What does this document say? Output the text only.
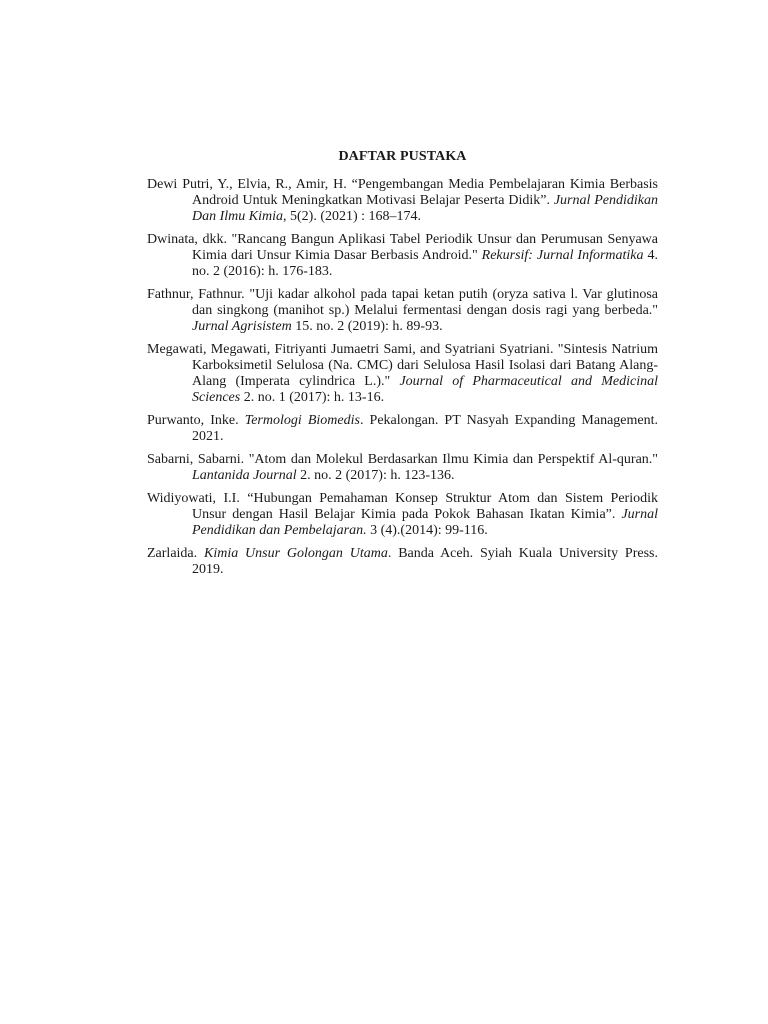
DAFTAR PUSTAKA

Dewi Putri, Y., Elvia, R., Amir, H. “Pengembangan Media Pembelajaran Kimia Berbasis Android Untuk Meningkatkan Motivasi Belajar Peserta Didik”. Jurnal Pendidikan Dan Ilmu Kimia, 5(2). (2021) : 168–174.

Dwinata, dkk. "Rancang Bangun Aplikasi Tabel Periodik Unsur dan Perumusan Senyawa Kimia dari Unsur Kimia Dasar Berbasis Android." Rekursif: Jurnal Informatika 4. no. 2 (2016): h. 176-183.

Fathnur, Fathnur. "Uji kadar alkohol pada tapai ketan putih (oryza sativa l. Var glutinosa dan singkong (manihot sp.) Melalui fermentasi dengan dosis ragi yang berbeda." Jurnal Agrisistem 15. no. 2 (2019): h. 89-93.

Megawati, Megawati, Fitriyanti Jumaetri Sami, and Syatriani Syatriani. "Sintesis Natrium Karboksimetil Selulosa (Na. CMC) dari Selulosa Hasil Isolasi dari Batang Alang-Alang (Imperata cylindrica L.)." Journal of Pharmaceutical and Medicinal Sciences 2. no. 1 (2017): h. 13-16.

Purwanto, Inke. Termologi Biomedis. Pekalongan. PT Nasyah Expanding Management. 2021.

Sabarni, Sabarni. "Atom dan Molekul Berdasarkan Ilmu Kimia dan Perspektif Al-quran." Lantanida Journal 2. no. 2 (2017): h. 123-136.

Widiyowati, I.I. “Hubungan Pemahaman Konsep Struktur Atom dan Sistem Periodik Unsur dengan Hasil Belajar Kimia pada Pokok Bahasan Ikatan Kimia”. Jurnal Pendidikan dan Pembelajaran. 3 (4).(2014): 99-116.

Zarlaida. Kimia Unsur Golongan Utama. Banda Aceh. Syiah Kuala University Press. 2019.
